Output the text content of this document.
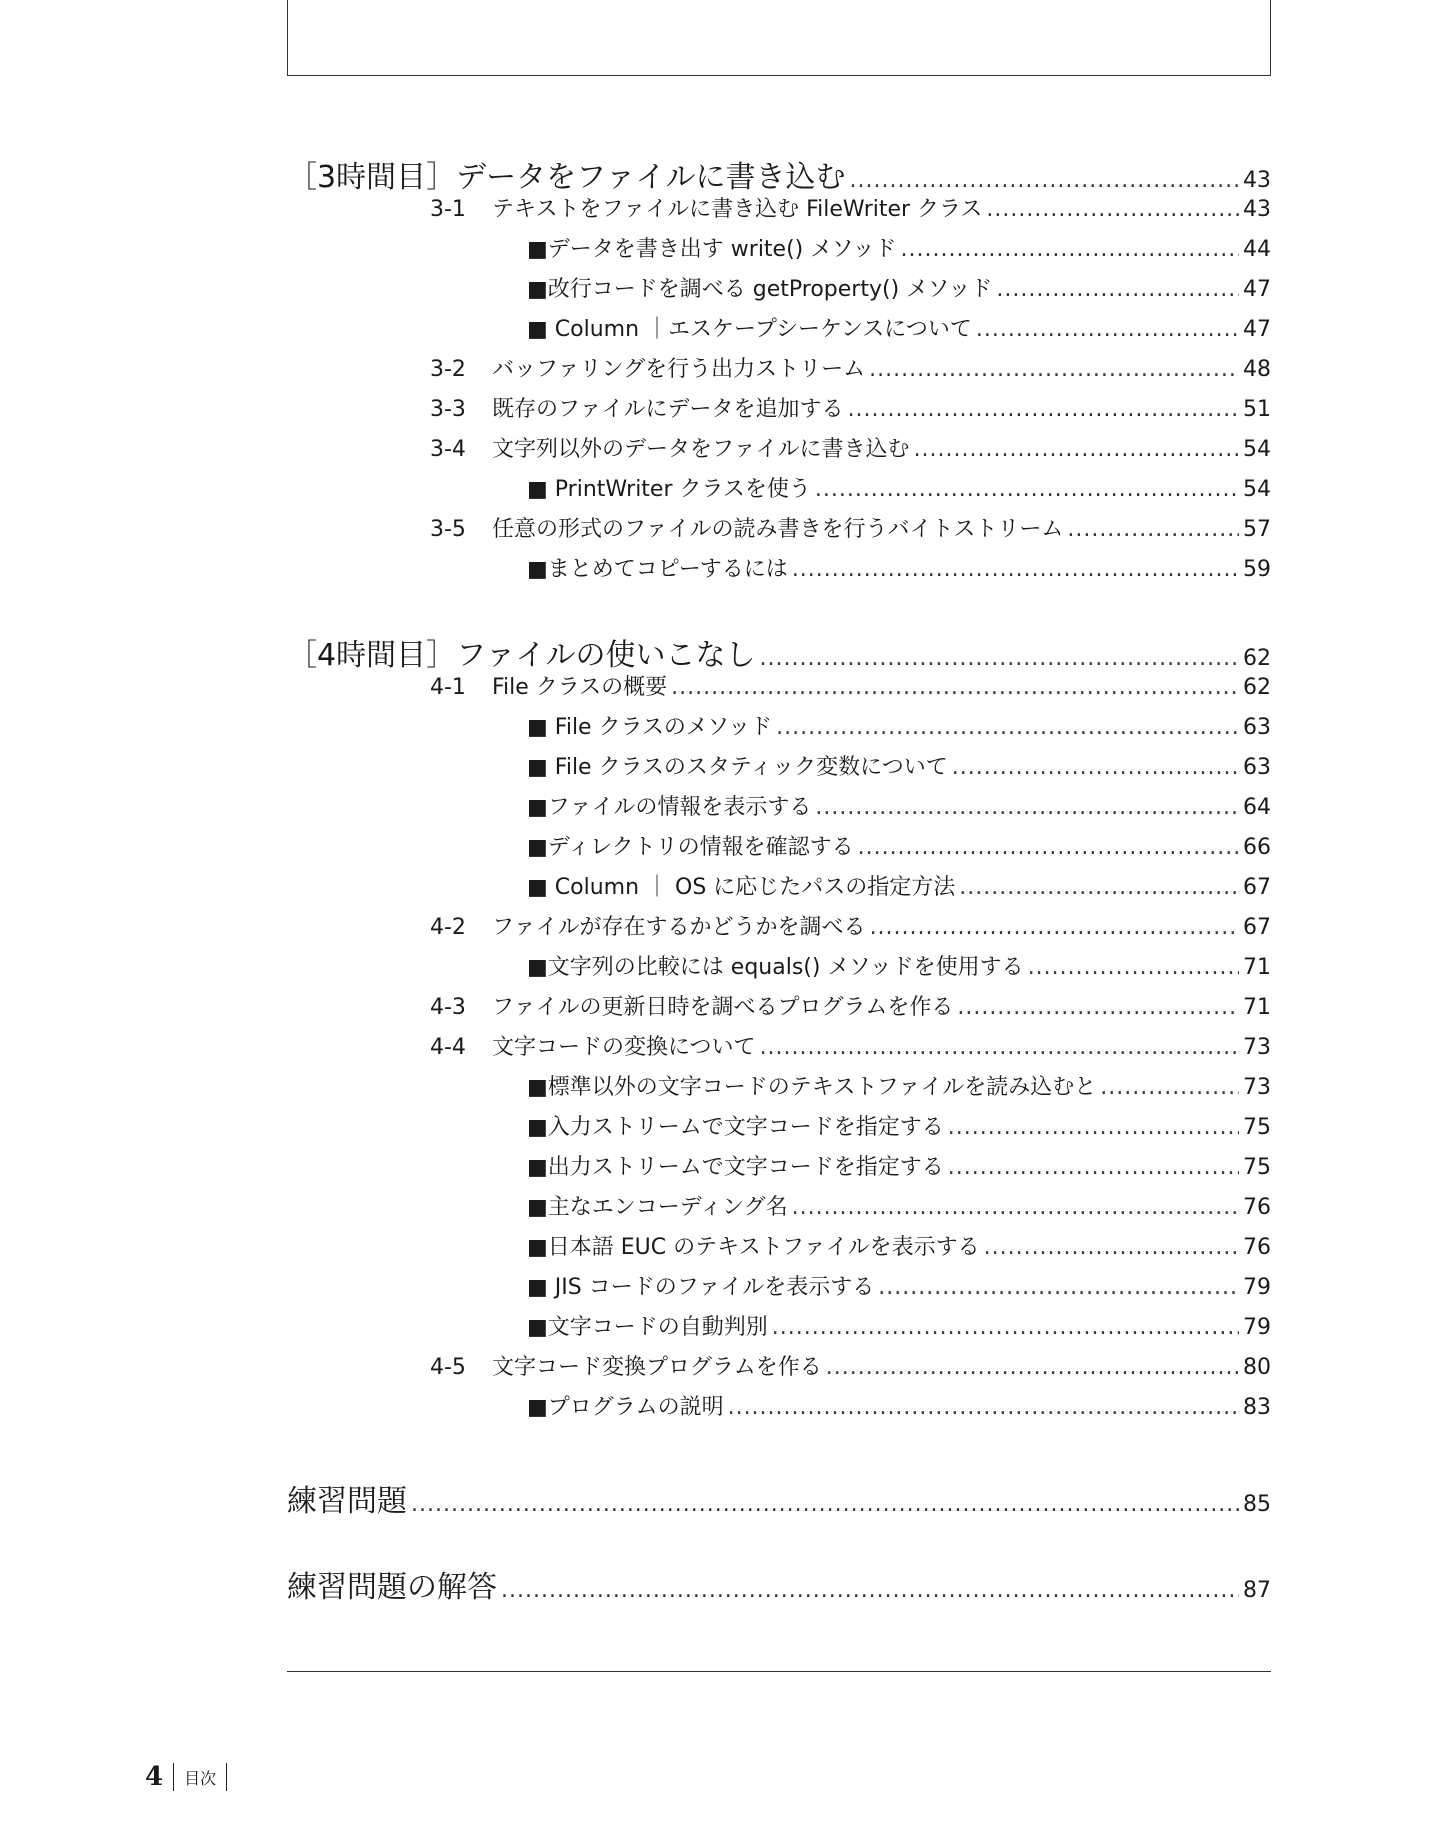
［3時間目］データをファイルに書き込む .....	43
3-1	テキストをファイルに書き込む FileWriter クラス .....	43
■データを書き出す write() メソッド .....	44
■改行コードを調べる getProperty() メソッド .....	47
■ Column ｜エスケープシーケンスについて .....	47
3-2	バッファリングを行う出力ストリーム .....	48
3-3	既存のファイルにデータを追加する .....	51
3-4	文字列以外のデータをファイルに書き込む .....	54
■ PrintWriter クラスを使う .....	54
3-5	任意の形式のファイルの読み書きを行うバイトストリーム .....	57
■まとめてコピーするには .....	59
［4時間目］ファイルの使いこなし .....	62
4-1	File クラスの概要 .....	62
■ File クラスのメソッド .....	63
■ File クラスのスタティック変数について .....	63
■ファイルの情報を表示する .....	64
■ディレクトリの情報を確認する .....	66
■ Column ｜ OS に応じたパスの指定方法 .....	67
4-2	ファイルが存在するかどうかを調べる .....	67
■文字列の比較には equals() メソッドを使用する .....	71
4-3	ファイルの更新日時を調べるプログラムを作る .....	71
4-4	文字コードの変換について .....	73
■標準以外の文字コードのテキストファイルを読み込むと .....	73
■入力ストリームで文字コードを指定する .....	75
■出力ストリームで文字コードを指定する .....	75
■主なエンコーディング名 .....	76
■日本語 EUC のテキストファイルを表示する .....	76
■ JIS コードのファイルを表示する .....	79
■文字コードの自動判別 .....	79
4-5	文字コード変換プログラムを作る .....	80
■プログラムの説明 .....	83
練習問題 .....	85
練習問題の解答 .....	87
4 目次
